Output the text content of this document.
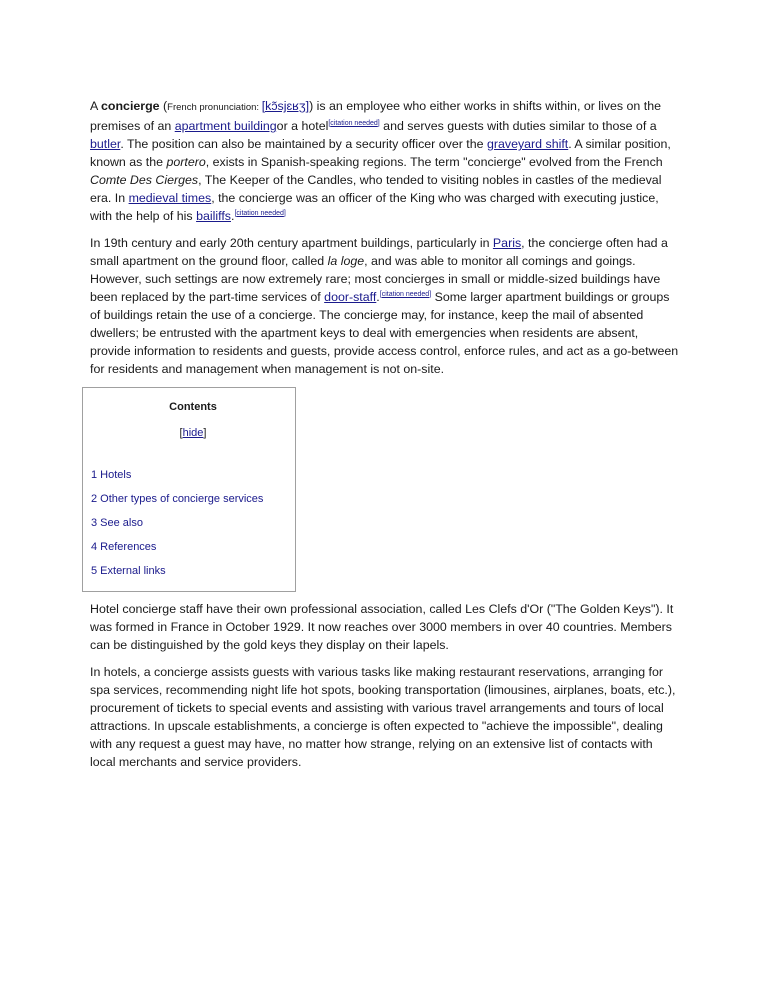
A concierge (French pronunciation: [kɔ̃sjɛʁʒ]) is an employee who either works in shifts within, or lives on the premises of an apartment buildingor a hotel[citation needed] and serves guests with duties similar to those of a butler. The position can also be maintained by a security officer over the graveyard shift. A similar position, known as the portero, exists in Spanish-speaking regions. The term "concierge" evolved from the French Comte Des Cierges, The Keeper of the Candles, who tended to visiting nobles in castles of the medieval era. In medieval times, the concierge was an officer of the King who was charged with executing justice, with the help of his bailiffs.[citation needed]

In 19th century and early 20th century apartment buildings, particularly in Paris, the concierge often had a small apartment on the ground floor, called la loge, and was able to monitor all comings and goings. However, such settings are now extremely rare; most concierges in small or middle-sized buildings have been replaced by the part-time services of door-staff.[citation needed] Some larger apartment buildings or groups of buildings retain the use of a concierge. The concierge may, for instance, keep the mail of absented dwellers; be entrusted with the apartment keys to deal with emergencies when residents are absent, provide information to residents and guests, provide access control, enforce rules, and act as a go-between for residents and management when management is not on-site.

Contents
[hide]
1 Hotels
2 Other types of concierge services
3 See also
4 References
5 External links

Hotel concierge staff have their own professional association, called Les Clefs d'Or ("The Golden Keys"). It was formed in France in October 1929. It now reaches over 3000 members in over 40 countries. Members can be distinguished by the gold keys they display on their lapels.

In hotels, a concierge assists guests with various tasks like making restaurant reservations, arranging for spa services, recommending night life hot spots, booking transportation (limousines, airplanes, boats, etc.), procurement of tickets to special events and assisting with various travel arrangements and tours of local attractions. In upscale establishments, a concierge is often expected to "achieve the impossible", dealing with any request a guest may have, no matter how strange, relying on an extensive list of contacts with local merchants and service providers.
